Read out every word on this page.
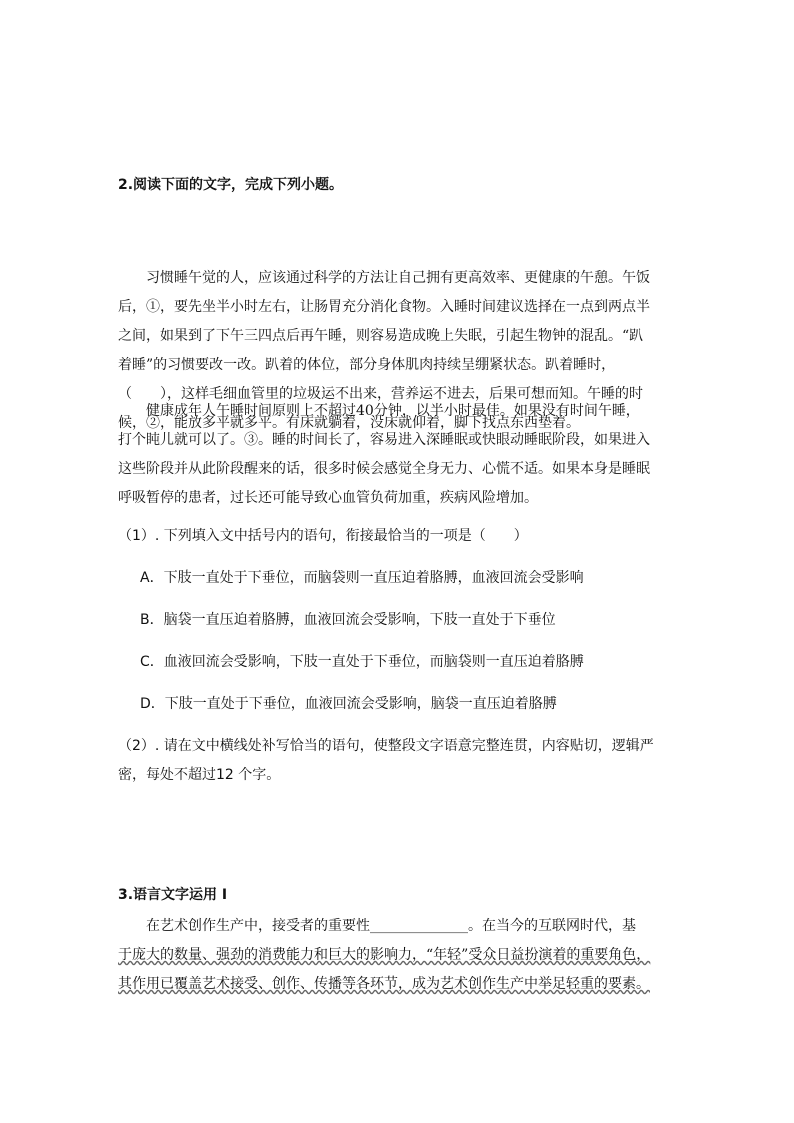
2.阅读下面的文字，完成下列小题。
习惯睡午觉的人，应该通过科学的方法让自己拥有更高效率、更健康的午憩。午饭
后，①，要先坐半小时左右，让肠胃充分消化食物。入睡时间建议选择在一点到两点半
之间，如果到了下午三四点后再午睡，则容易造成晚上失眠，引起生物钟的混乱。“趴
着睡”的习惯要改一改。趴着的体位，部分身体肌肉持续呈绷紧状态。趴着睡时，
（　　），这样毛细血管里的垃圾运不出来，营养运不进去，后果可想而知。午睡的时
候，②，能放多平就多平。有床就躺着，没床就仰着，脚下找点东西垫着。
健康成年人午睡时间原则上不超过40分钟，以半小时最佳。如果没有时间午睡，
打个盹儿就可以了。③。睡的时间长了，容易进入深睡眠或快眼动睡眠阶段，如果进入
这些阶段并从此阶段醒来的话，很多时候会感觉全身无力、心慌不适。如果本身是睡眠
呼吸暂停的患者，过长还可能导致心血管负荷加重，疾病风险增加。
（1）. 下列填入文中括号内的语句，衔接最恰当的一项是（　　）
A．下肢一直处于下垂位，而脑袋则一直压迫着胳膊，血液回流会受影响
B．脑袋一直压迫着胳膊，血液回流会受影响，下肢一直处于下垂位
C．血液回流会受影响，下肢一直处于下垂位，而脑袋则一直压迫着胳膊
D．下肢一直处于下垂位，血液回流会受影响，脑袋一直压迫着胳膊
（2）. 请在文中横线处补写恰当的语句，使整段文字语意完整连贯，内容贴切，逻辑严
密，每处不超过12 个字。
3.语言文字运用 I
在艺术创作生产中，接受者的重要性______________。在当今的互联网时代，基
于庞大的数量、强劲的消费能力和巨大的影响力，“年轻”受众日益扮演着的重要角色，
其作用已覆盖艺术接受、创作、传播等各环节，成为艺术创作生产中举足轻重的要素。
